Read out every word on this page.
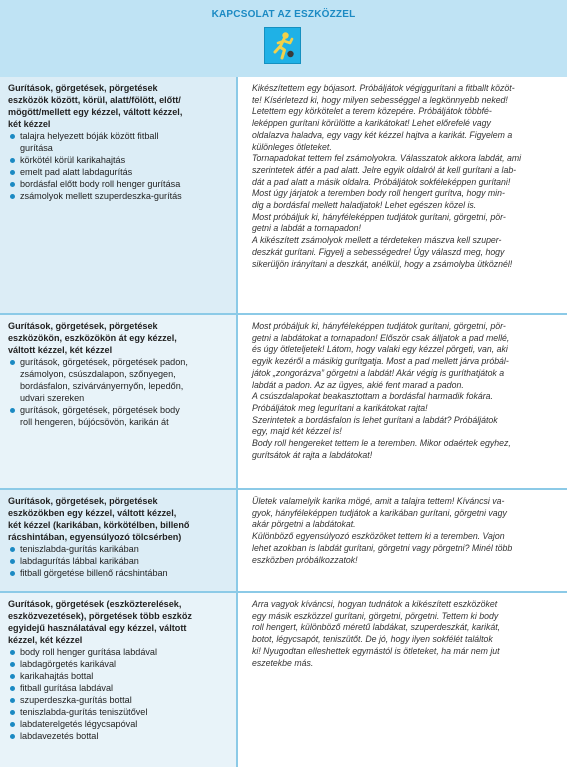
KAPCSOLAT AZ ESZKÖZZEL
Gurítások, görgetések, pörgetések
eszközök között, körül, alatt/fölött, előtt/
mögött/mellett egy kézzel, váltott kézzel,
két kézzel
talajra helyezett bóják között fitball
gurítása
körkötél körül karikahajtás
emelt pad alatt labdagurítás
bordásfal előtt body roll henger gurítása
zsámolyok mellett szuperdeszka-gurítás

Kikészítettem egy bójasort. Próbáljátok végiggurítani a fitballt közöt-

te! Kísérletezd ki, hogy milyen sebességgel a legkönnyebb neked!

Letettem egy körkötelet a terem közepére. Próbáljátok többfé-

leképpen gurítani körülötte a karikátokat! Lehet előrefelé vagy

oldalazva haladva, egy vagy két kézzel hajtva a karikát. Figyelem a

különleges ötleteket.

Tornapadokat tettem fel zsámolyokra. Válasszatok akkora labdát, ami

szerintetek átfér a pad alatt. Jelre egyik oldalról át kell gurítani a lab-

dát a pad alatt a másik oldalra. Próbáljátok sokféleképpen gurítani!

Most úgy járjatok a teremben body roll hengert gurítva, hogy min-

dig a bordásfal mellett haladjatok! Lehet egészen közel is.

Most próbáljuk ki, hányféleképpen tudjátok gurítani, görgetni, pör-

getni a labdát a tornapadon!

A kikészített zsámolyok mellett a térdeteken mászva kell szuper-

deszkát gurítani. Figyelj a sebességedre! Úgy válaszd meg, hogy

sikerüljön irányítani a deszkát, anélkül, hogy a zsámolyba ütköznél!

Gurítások, görgetések, pörgetések
eszközökön, eszközökön át egy kézzel,
váltott kézzel, két kézzel
gurítások, görgetések, pörgetések padon,
zsámolyon, csúszdalapon, szőnyegen,
bordásfalon, szivárványernyőn, lepedőn,
udvari szereken
gurítások, görgetések, pörgetések body
roll hengeren, bújócsövön, karikán át

Most próbáljuk ki, hányféleképpen tudjátok gurítani, görgetni, pör-

getni a labdátokat a tornapadon! Először csak álljatok a pad mellé,

és úgy ötleteljetek! Látom, hogy valaki egy kézzel pörgeti, van, aki

egyik kezéről a másikig gurítgatja. Most a pad mellett járva próbál-

játok „zongorázva” görgetni a labdát! Akár végig is guríthatjátok a

labdát a padon. Az az ügyes, akié fent marad a padon.

A csúszdalapokat beakasztottam a bordásfal harmadik fokára.

Próbáljátok meg legurítani a karikátokat rajta!

Szerintetek a bordásfalon is lehet gurítani a labdát? Próbáljátok

egy, majd két kézzel is!

Body roll hengereket tettem le a teremben. Mikor odaértek egyhez,

gurítsátok át rajta a labdátokat!

Gurítások, görgetések, pörgetések
eszközökben egy kézzel, váltott kézzel,
két kézzel (karikában, körkötélben, billenő
rácshintában, egyensúlyozó tölcsérben)
teniszlabda-gurítás karikában
labdagurítás lábbal karikában
fitball görgetése billenő rácshintában

Ületek valamelyik karika mögé, amit a talajra tettem! Kíváncsi va-

gyok, hányféleképpen tudjátok a karikában gurítani, görgetni vagy

akár pörgetni a labdátokat.

Különböző egyensúlyozó eszközöket tettem ki a teremben. Vajon

lehet azokban is labdát gurítani, görgetni vagy pörgetni? Minél több

eszközben próbálkozzatok!

Gurítások, görgetések (eszközterelések,
eszközvezetések), pörgetések több eszköz
egyidejű használatával egy kézzel, váltott
kézzel, két kézzel
body roll henger gurítása labdával
labdagörgetés karikával
karikahajtás bottal
fitball gurítása labdával
szuperdeszka-gurítás bottal
teniszlabda-gurítás teniszütővel
labdaterelgetés légycsapóval
labdavezetés bottal

Arra vagyok kíváncsi, hogyan tudnátok a kikészített eszközöket

egy másik eszközzel gurítani, görgetni, pörgetni. Tettem ki body

roll hengert, különböző méretű labdákat, szuperdeszkát, karikát,

botot, légycsapót, teniszütőt. De jó, hogy ilyen sokfélét találtok

ki! Nyugodtan elleshettek egymástól is ötleteket, ha már nem jut

eszetekbe más.
